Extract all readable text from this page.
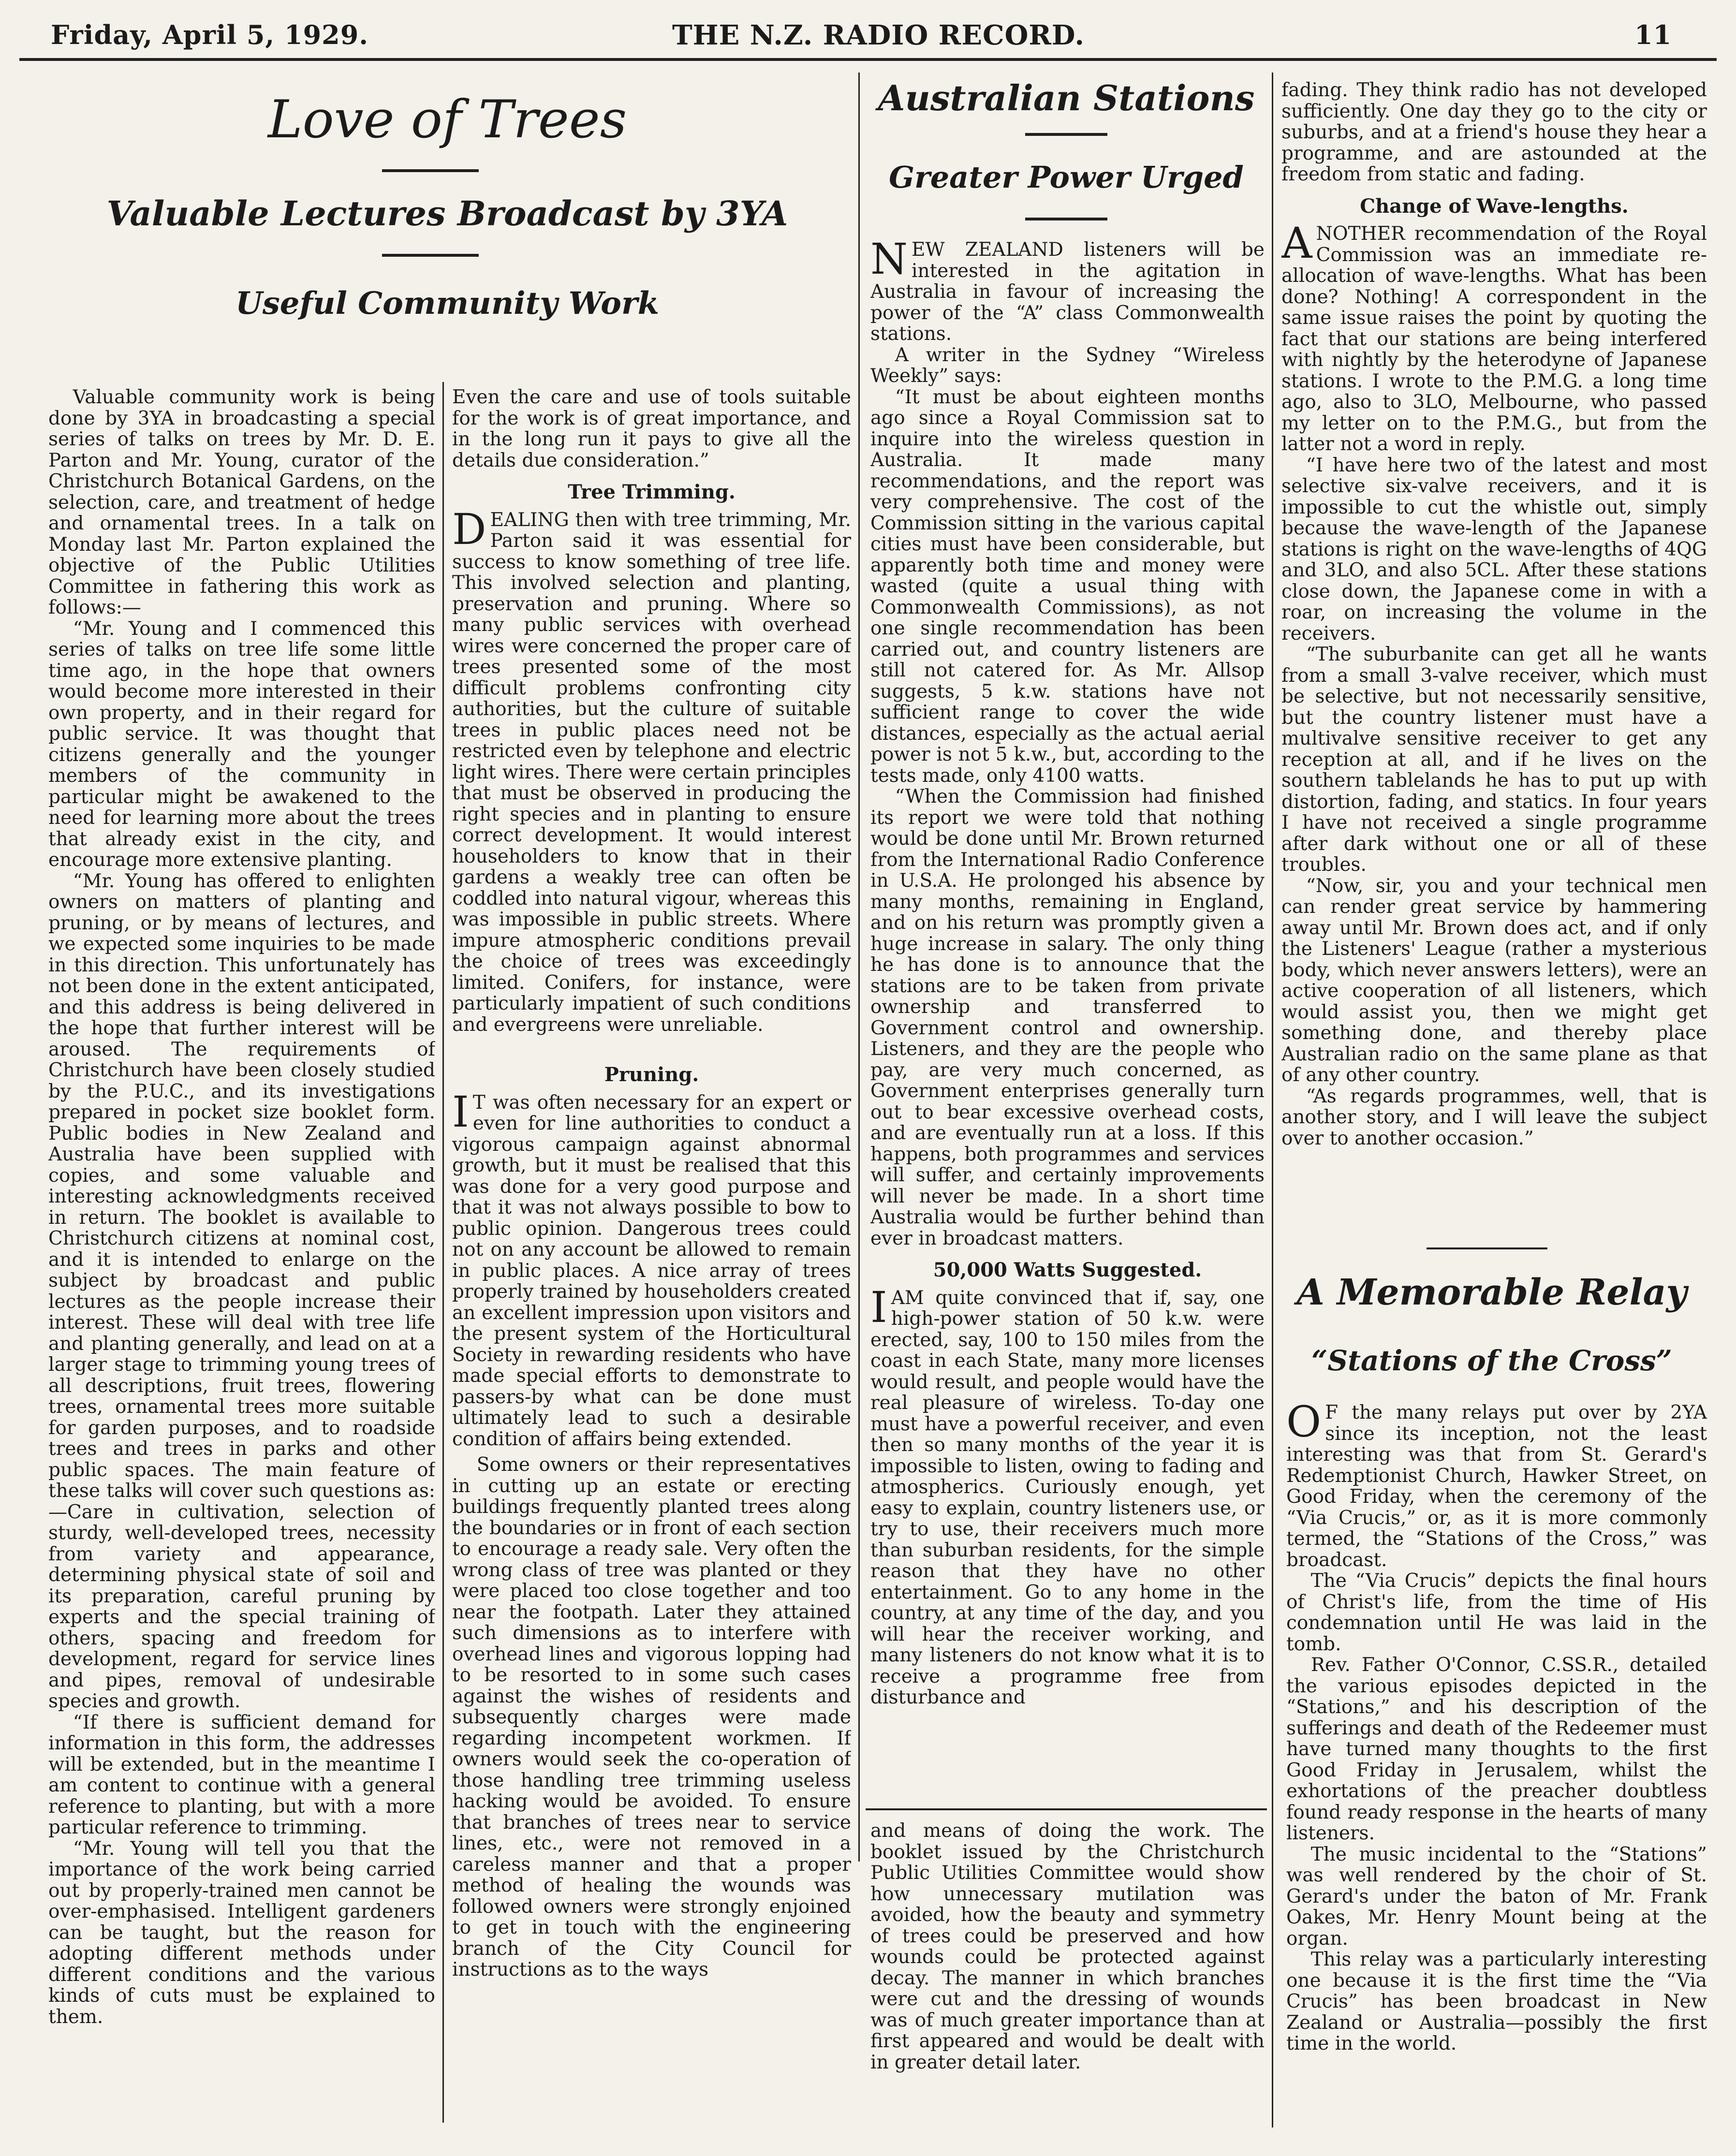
Friday, April 5, 1929.	THE N.Z. RADIO RECORD.	11
Love of Trees
Valuable Lectures Broadcast by 3YA
Useful Community Work

Valuable community work is being done by 3YA in broadcasting a special series of talks on trees by Mr. D. E. Parton and Mr. Young, curator of the Christchurch Botanical Gardens, on the selection, care, and treatment of hedge and ornamental trees. In a talk on Monday last Mr. Parton explained the objective of the Public Utilities Committee in fathering this work as follows:—

“Mr. Young and I commenced this series of talks on tree life some little time ago, in the hope that owners would become more interested in their own property, and in their regard for public service. It was thought that citizens generally and the younger members of the community in particular might be awakened to the need for learning more about the trees that already exist in the city, and encourage more extensive planting.

“Mr. Young has offered to enlighten owners on matters of planting and pruning, or by means of lectures, and we expected some inquiries to be made in this direction. This unfortunately has not been done in the extent anticipated, and this address is being delivered in the hope that further interest will be aroused. The requirements of Christchurch have been closely studied by the P.U.C., and its investigations prepared in pocket size booklet form. Public bodies in New Zealand and Australia have been supplied with copies, and some valuable and interesting acknowledgments received in return. The booklet is available to Christchurch citizens at nominal cost, and it is intended to enlarge on the subject by broadcast and public lectures as the people increase their interest. These will deal with tree life and planting generally, and lead on at a larger stage to trimming young trees of all descriptions, fruit trees, flowering trees, ornamental trees more suitable for garden purposes, and to roadside trees and trees in parks and other public spaces. The main feature of these talks will cover such questions as:—Care in cultivation, selection of sturdy, well-developed trees, necessity from variety and appearance, determining physical state of soil and its preparation, careful pruning by experts and the special training of others, spacing and freedom for development, regard for service lines and pipes, removal of undesirable species and growth.

“If there is sufficient demand for information in this form, the addresses will be extended, but in the meantime I am content to continue with a general reference to planting, but with a more particular reference to trimming.

“Mr. Young will tell you that the importance of the work being carried out by properly-trained men cannot be over-emphasised. Intelligent gardeners can be taught, but the reason for adopting different methods under different conditions and the various kinds of cuts must be explained to them.

Even the care and use of tools suitable for the work is of great importance, and in the long run it pays to give all the details due consideration.”

Tree Trimming.

DEALING then with tree trimming, Mr. Parton said it was essential for success to know something of tree life. This involved selection and planting, preservation and pruning. Where so many public services with overhead wires were concerned the proper care of trees presented some of the most difficult problems confronting city authorities, but the culture of suitable trees in public places need not be restricted even by telephone and electric light wires. There were certain principles that must be observed in producing the right species and in planting to ensure correct development. It would interest householders to know that in their gardens a weakly tree can often be coddled into natural vigour, whereas this was impossible in public streets. Where impure atmospheric conditions prevail the choice of trees was exceedingly limited. Conifers, for instance, were particularly impatient of such conditions and evergreens were unreliable.

Pruning.

I T was often necessary for an expert or even for line authorities to conduct a vigorous campaign against abnormal growth, but it must be realised that this was done for a very good purpose and that it was not always possible to bow to public opinion. Dangerous trees could not on any account be allowed to remain in public places. A nice array of trees properly trained by householders created an excellent impression upon visitors and the present system of the Horticultural Society in rewarding residents who have made special efforts to demonstrate to passers-by what can be done must ultimately lead to such a desirable condition of affairs being extended.

Some owners or their representatives in cutting up an estate or erecting buildings frequently planted trees along the boundaries or in front of each section to encourage a ready sale. Very often the wrong class of tree was planted or they were placed too close together and too near the footpath. Later they attained such dimensions as to interfere with overhead lines and vigorous lopping had to be resorted to in some such cases against the wishes of residents and subsequently charges were made regarding incompetent workmen. If owners would seek the co-operation of those handling tree trimming useless hacking would be avoided. To ensure that branches of trees near to service lines, etc., were not removed in a careless manner and that a proper method of healing the wounds was followed owners were strongly enjoined to get in touch with the engineering branch of the City Council for instructions as to the ways

Australian Stations
Greater Power Urged

NEW ZEALAND listeners will be interested in the agitation in Australia in favour of increasing the power of the “A” class Commonwealth stations.

A writer in the Sydney “Wireless Weekly” says:

“It must be about eighteen months ago since a Royal Commission sat to inquire into the wireless question in Australia. It made many recommendations, and the report was very comprehensive. The cost of the Commission sitting in the various capital cities must have been considerable, but apparently both time and money were wasted (quite a usual thing with Commonwealth Commissions), as not one single recommendation has been carried out, and country listeners are still not catered for. As Mr. Allsop suggests, 5 k.w. stations have not sufficient range to cover the wide distances, especially as the actual aerial power is not 5 k.w., but, according to the tests made, only 4100 watts.

“When the Commission had finished its report we were told that nothing would be done until Mr. Brown returned from the International Radio Conference in U.S.A. He prolonged his absence by many months, remaining in England, and on his return was promptly given a huge increase in salary. The only thing he has done is to announce that the stations are to be taken from private ownership and transferred to Government control and ownership. Listeners, and they are the people who pay, are very much concerned, as Government enterprises generally turn out to bear excessive overhead costs, and are eventually run at a loss. If this happens, both programmes and services will suffer, and certainly improvements will never be made. In a short time Australia would be further behind than ever in broadcast matters.

50,000 Watts Suggested.

I AM quite convinced that if, say, one high-power station of 50 k.w. were erected, say, 100 to 150 miles from the coast in each State, many more licenses would result, and people would have the real pleasure of wireless. To-day one must have a powerful receiver, and even then so many months of the year it is impossible to listen, owing to fading and atmospherics. Curiously enough, yet easy to explain, country listeners use, or try to use, their receivers much more than suburban residents, for the simple reason that they have no other entertainment. Go to any home in the country, at any time of the day, and you will hear the receiver working, and many listeners do not know what it is to receive a programme free from disturbance and

and means of doing the work. The booklet issued by the Christchurch Public Utilities Committee would show how unnecessary mutilation was avoided, how the beauty and symmetry of trees could be preserved and how wounds could be protected against decay. The manner in which branches were cut and the dressing of wounds was of much greater importance than at first appeared and would be dealt with in greater detail later.

fading. They think radio has not developed sufficiently. One day they go to the city or suburbs, and at a friend's house they hear a programme, and are astounded at the freedom from static and fading.

Change of Wave-lengths.

ANOTHER recommendation of the Royal Commission was an immediate re-allocation of wave-lengths. What has been done? Nothing! A correspondent in the same issue raises the point by quoting the fact that our stations are being interfered with nightly by the heterodyne of Japanese stations. I wrote to the P.M.G. a long time ago, also to 3LO, Melbourne, who passed my letter on to the P.M.G., but from the latter not a word in reply.

“I have here two of the latest and most selective six-valve receivers, and it is impossible to cut the whistle out, simply because the wave-length of the Japanese stations is right on the wave-lengths of 4QG and 3LO, and also 5CL. After these stations close down, the Japanese come in with a roar, on increasing the volume in the receivers.

“The suburbanite can get all he wants from a small 3-valve receiver, which must be selective, but not necessarily sensitive, but the country listener must have a multivalve sensitive receiver to get any reception at all, and if he lives on the southern tablelands he has to put up with distortion, fading, and statics. In four years I have not received a single programme after dark without one or all of these troubles.

“Now, sir, you and your technical men can render great service by hammering away until Mr. Brown does act, and if only the Listeners' League (rather a mysterious body, which never answers letters), were an active cooperation of all listeners, which would assist you, then we might get something done, and thereby place Australian radio on the same plane as that of any other country.

“As regards programmes, well, that is another story, and I will leave the subject over to another occasion.”

A Memorable Relay
“Stations of the Cross”

O F the many relays put over by 2YA since its inception, not the least interesting was that from St. Gerard's Redemptionist Church, Hawker Street, on Good Friday, when the ceremony of the “Via Crucis,” or, as it is more commonly termed, the “Stations of the Cross,” was broadcast.

The “Via Crucis” depicts the final hours of Christ's life, from the time of His condemnation until He was laid in the tomb.

Rev. Father O'Connor, C.SS.R., detailed the various episodes depicted in the “Stations,” and his description of the sufferings and death of the Redeemer must have turned many thoughts to the first Good Friday in Jerusalem, whilst the exhortations of the preacher doubtless found ready response in the hearts of many listeners.

The music incidental to the “Stations” was well rendered by the choir of St. Gerard's under the baton of Mr. Frank Oakes, Mr. Henry Mount being at the organ.

This relay was a particularly interesting one because it is the first time the “Via Crucis” has been broadcast in New Zealand or Australia—possibly the first time in the world.
